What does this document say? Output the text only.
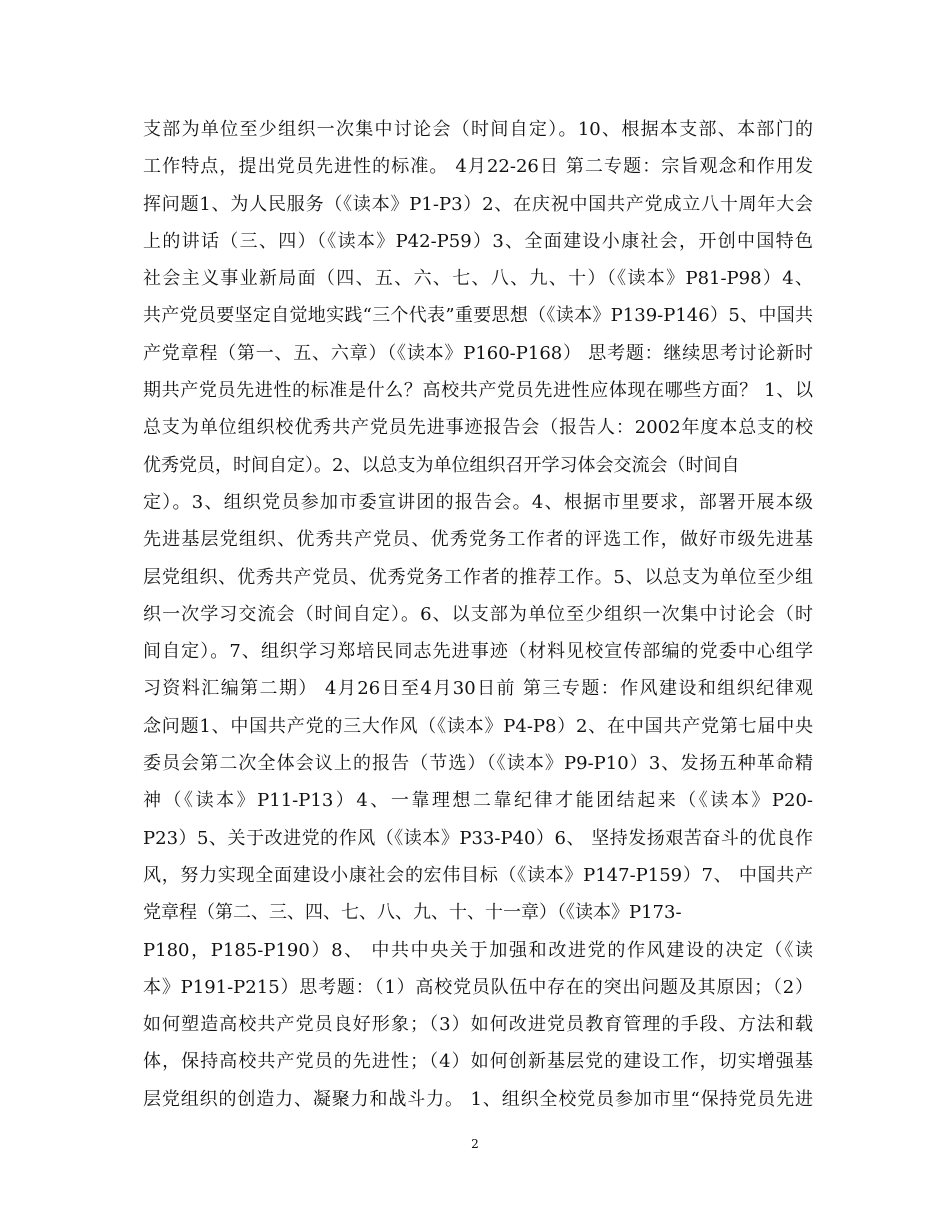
支部为单位至少组织一次集中讨论会（时间自定）。10、根据本支部、本部门的
工作特点，提出党员先进性的标准。 4月22-26日 第二专题：宗旨观念和作用发
挥问题1、为人民服务（《读本》P1-P3）2、在庆祝中国共产党成立八十周年大会
上的讲话（三、四）（《读本》P42-P59）3、全面建设小康社会，开创中国特色
社会主义事业新局面（四、五、六、七、八、九、十）（《读本》P81-P98）4、
共产党员要坚定自觉地实践“三个代表”重要思想（《读本》P139-P146）5、中国共
产党章程（第一、五、六章）（《读本》P160-P168） 思考题：继续思考讨论新时
期共产党员先进性的标准是什么？高校共产党员先进性应体现在哪些方面？ 1、以
总支为单位组织校优秀共产党员先进事迹报告会（报告人：2002年度本总支的校
优秀党员，时间自定）。2、以总支为单位组织召开学习体会交流会（时间自
定）。3、组织党员参加市委宣讲团的报告会。4、根据市里要求，部署开展本级
先进基层党组织、优秀共产党员、优秀党务工作者的评选工作，做好市级先进基
层党组织、优秀共产党员、优秀党务工作者的推荐工作。5、以总支为单位至少组
织一次学习交流会（时间自定）。6、以支部为单位至少组织一次集中讨论会（时
间自定）。7、组织学习郑培民同志先进事迹（材料见校宣传部编的党委中心组学
习资料汇编第二期） 4月26日至4月30日前 第三专题：作风建设和组织纪律观
念问题1、中国共产党的三大作风（《读本》P4-P8）2、在中国共产党第七届中央
委员会第二次全体会议上的报告（节选）（《读本》P9-P10）3、发扬五种革命精
神（《读本》P11-P13）4、一靠理想二靠纪律才能团结起来（《读本》P20-
P23）5、关于改进党的作风（《读本》P33-P40）6、 坚持发扬艰苦奋斗的优良作
风，努力实现全面建设小康社会的宏伟目标（《读本》P147-P159）7、 中国共产
党章程（第二、三、四、七、八、九、十、十一章）（《读本》P173-
P180，P185-P190）8、 中共中央关于加强和改进党的作风建设的决定（《读
本》P191-P215）思考题：（1）高校党员队伍中存在的突出问题及其原因；（2）
如何塑造高校共产党员良好形象；（3）如何改进党员教育管理的手段、方法和载
体，保持高校共产党员的先进性；（4）如何创新基层党的建设工作，切实增强基
层党组织的创造力、凝聚力和战斗力。 1、组织全校党员参加市里“保持党员先进
2
